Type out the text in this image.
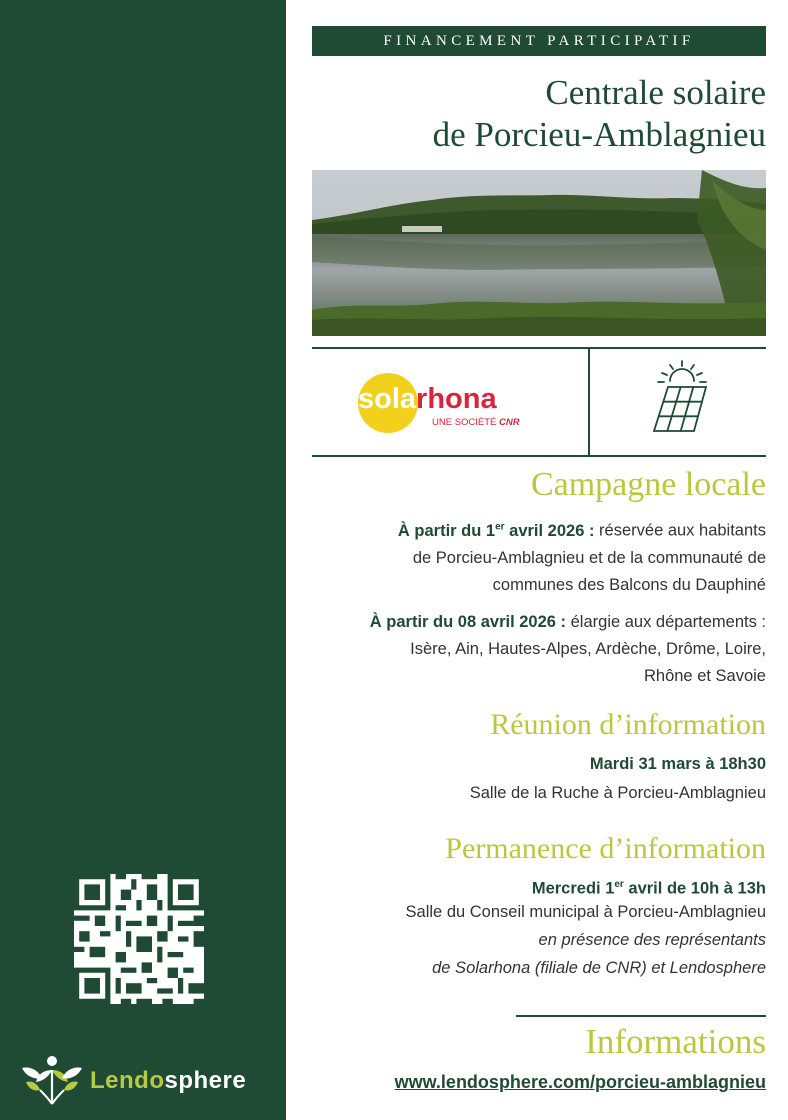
Lendosphere
FINANCEMENT PARTICIPATIF
Centrale solaire
de Porcieu-Amblagnieu
solarhona
UNE SOCIÉTÉ CNR
Campagne locale
À partir du 1er avril 2026 : réservée aux habitants
de Porcieu-Amblagnieu et de la communauté de
communes des Balcons du Dauphiné
À partir du 08 avril 2026 : élargie aux départements :
Isère, Ain, Hautes-Alpes, Ardèche, Drôme, Loire,
Rhône et Savoie
Réunion d’information
Mardi 31 mars à 18h30
Salle de la Ruche à Porcieu-Amblagnieu
Permanence d’information
Mercredi 1er avril de 10h à 13h
Salle du Conseil municipal à Porcieu-Amblagnieu
en présence des représentants
de Solarhona (filiale de CNR) et Lendosphere
Informations
www.lendosphere.com/porcieu-amblagnieu
